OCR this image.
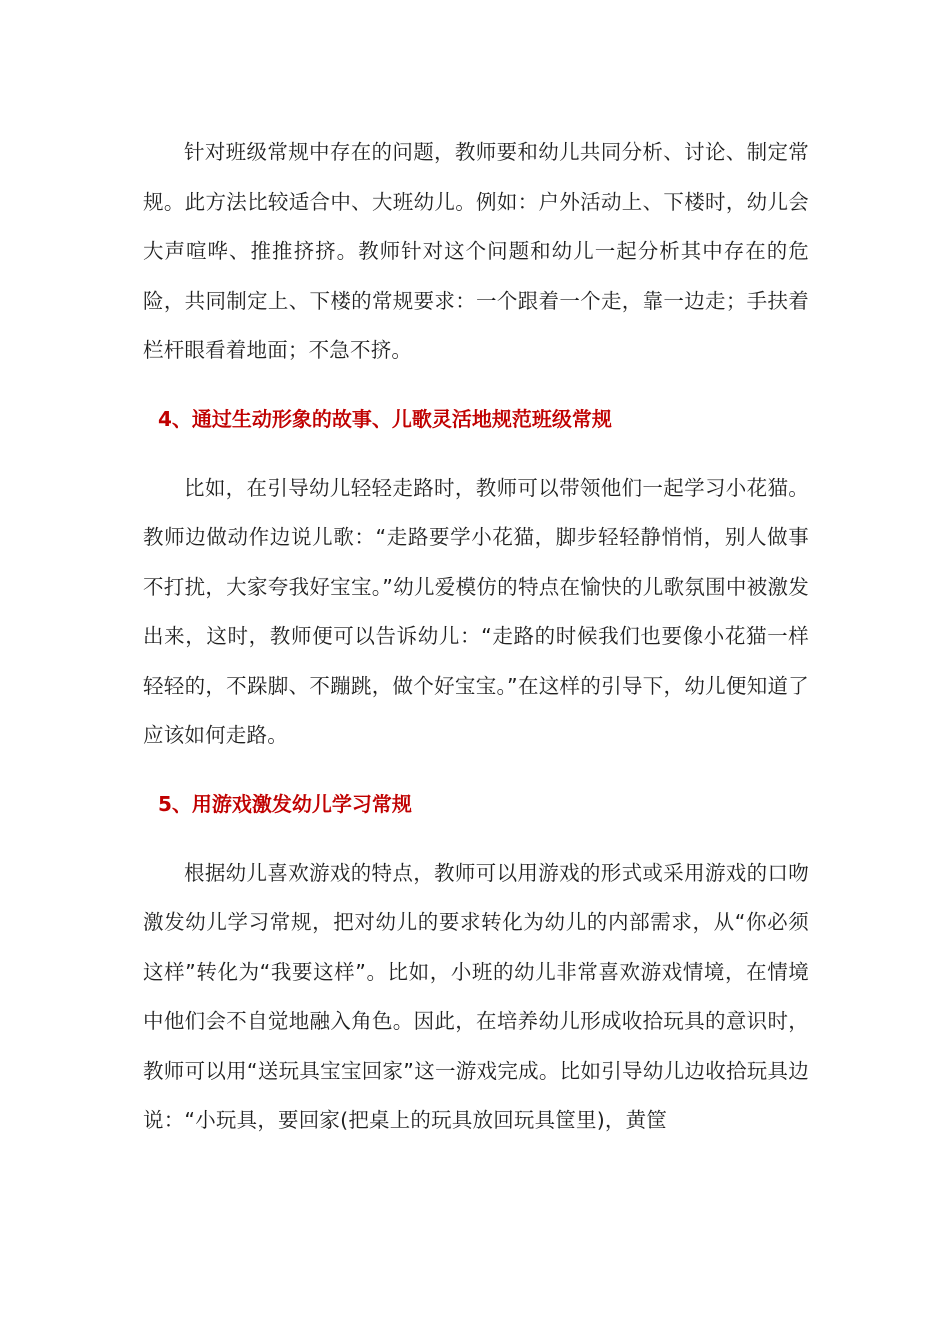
针对班级常规中存在的问题，教师要和幼儿共同分析、讨论、制定常规。此方法比较适合中、大班幼儿。例如：户外活动上、下楼时，幼儿会大声喧哗、推推挤挤。教师针对这个问题和幼儿一起分析其中存在的危险，共同制定上、下楼的常规要求：一个跟着一个走，靠一边走；手扶着栏杆眼看着地面；不急不挤。

4、通过生动形象的故事、儿歌灵活地规范班级常规

比如，在引导幼儿轻轻走路时，教师可以带领他们一起学习小花猫。教师边做动作边说儿歌：“走路要学小花猫，脚步轻轻静悄悄，别人做事不打扰，大家夸我好宝宝。”幼儿爱模仿的特点在愉快的儿歌氛围中被激发出来，这时，教师便可以告诉幼儿：“走路的时候我们也要像小花猫一样轻轻的，不跺脚、不蹦跳，做个好宝宝。”在这样的引导下，幼儿便知道了应该如何走路。

5、用游戏激发幼儿学习常规

根据幼儿喜欢游戏的特点，教师可以用游戏的形式或采用游戏的口吻激发幼儿学习常规，把对幼儿的要求转化为幼儿的内部需求，从“你必须这样”转化为“我要这样”。比如，小班的幼儿非常喜欢游戏情境，在情境中他们会不自觉地融入角色。因此，在培养幼儿形成收拾玩具的意识时，教师可以用“送玩具宝宝回家”这一游戏完成。比如引导幼儿边收拾玩具边说：“小玩具，要回家(把桌上的玩具放回玩具筐里)，黄筐
